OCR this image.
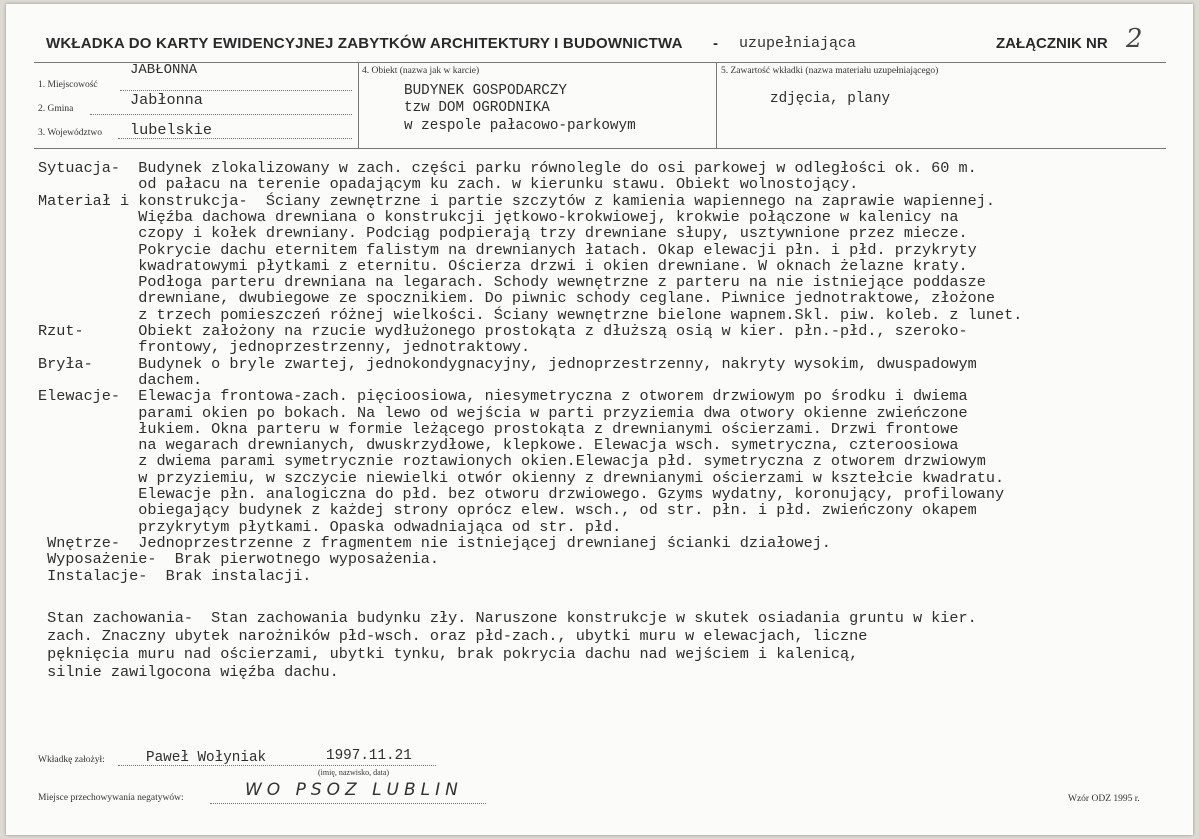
WKŁADKA DO KARTY EWIDENCYJNEJ ZABYTKÓW ARCHITEKTURY I BUDOWNICTWA - uzupełniająca	ZAŁĄCZNIK NR 2
JABŁONNA
1. Miejscowość
2. Gmina	Jabłonna
3. Województwo lubelskie
4. Obiekt (nazwa jak w karcie)
BUDYNEK GOSPODARCZY
tzw DOM OGRODNIKA
w zespole pałacowo-parkowym
5. Zawartość wkładki (nazwa materiału uzupełniającego)
zdjęcia, plany
Sytuacja-  Budynek zlokalizowany w zach. części parku równolegle do osi parkowej w odległości ok. 60 m.
od pałacu na terenie opadającym ku zach. w kierunku stawu. Obiekt wolnostojący.
Materiał i konstrukcja-  Ściany zewnętrzne i partie szczytów z kamienia wapiennego na zaprawie wapiennej.
Więźba dachowa drewniana o konstrukcji jętkowo-krokwiowej, krokwie połączone w kalenicy na
czopy i kołek drewniany. Podciąg podpierają trzy drewniane słupy, usztywnione przez miecze.
Pokrycie dachu eternitem falistym na drewnianych łatach. Okap elewacji płn. i płd. przykryty
kwadratowymi płytkami z eternitu. Ościerza drzwi i okien drewniane. W oknach żelazne kraty.
Podłoga parteru drewniana na legarach. Schody wewnętrzne z parteru na nie istniejące poddasze
drewniane, dwubiegowe ze spocznikiem. Do piwnic schody ceglane. Piwnice jednotraktowe, złożone
z trzech pomieszczeń różnej wielkości. Ściany wewnętrzne bielone wapnem.Skl. piw. koleb. z lunet.
Rzut-      Obiekt założony na rzucie wydłużonego prostokąta z dłuższą osią w kier. płn.-płd., szeroko-
frontowy, jednoprzestrzenny, jednotraktowy.
Bryła-     Budynek o bryle zwartej, jednokondygnacyjny, jednoprzestrzenny, nakryty wysokim, dwuspadowym
dachem.
Elewacje-  Elewacja frontowa-zach. pięcioosiowa, niesymetryczna z otworem drzwiowym po środku i dwiema
parami okien po bokach. Na lewo od wejścia w parti przyziemia dwa otwory okienne zwieńczone
łukiem. Okna parteru w formie leżącego prostokąta z drewnianymi ościerzami. Drzwi frontowe
na wegarach drewnianych, dwuskrzydłowe, klepkowe. Elewacja wsch. symetryczna, czteroosiowa
z dwiema parami symetrycznie roztawionych okien.Elewacja płd. symetryczna z otworem drzwiowym
w przyziemiu, w szczycie niewielki otwór okienny z drewnianymi ościerzami w ksztełcie kwadratu.
Elewacje płn. analogiczna do płd. bez otworu drzwiowego. Gzyms wydatny, koronujący, profilowany
obiegający budynek z każdej strony oprócz elew. wsch., od str. płn. i płd. zwieńczony okapem
przykrytym płytkami. Opaska odwadniająca od str. płd.
Wnętrze-  Jednoprzestrzenne z fragmentem nie istniejącej drewnianej ścianki działowej.
Wyposażenie-  Brak pierwotnego wyposażenia.
Instalacje-  Brak instalacji.
Stan zachowania-  Stan zachowania budynku zły. Naruszone konstrukcje w skutek osiadania gruntu w kier.
zach. Znaczny ubytek narożników płd-wsch. oraz płd-zach., ubytki muru w elewacjach, liczne
pęknięcia muru nad ościerzami, ubytki tynku, brak pokrycia dachu nad wejściem i kalenicą,
silnie zawilgocona więźba dachu.
Wkładkę założył:	Paweł Wołyniak	1997.11.21
(imię, nazwisko, data)
Miejsce przechowywania negatywów:	WO PSOZ LUBLIN	Wzór ODZ 1995 r.
